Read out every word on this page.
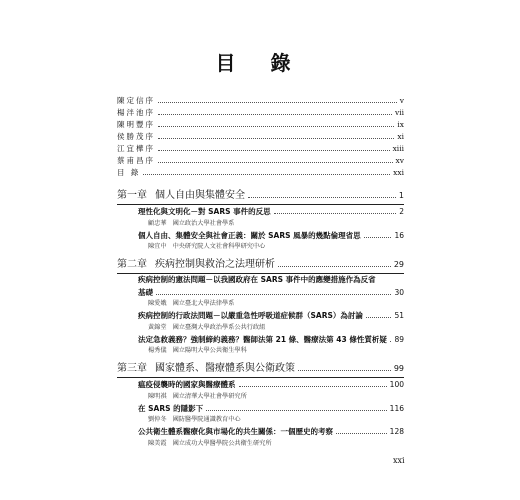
目 錄
陳定信序	v
楊泮池序	vii
陳明豐序	ix
侯勝茂序	xi
江宜樺序	xiii
蔡甫昌序	xv
目 錄	xxi
第一章 個人自由與集體安全	1
理性化與文明化－對 SARS 事件的反思	2
顧忠華 國立政治大學社會學系
個人自由、集體安全與社會正義：關於 SARS 風暴的幾點倫理省思	16
陳宜中 中央研究院人文社會科學研究中心
第二章 疾病控制與救治之法理研析	29
疾病控制的憲法問題－以我國政府在 SARS 事件中的應變措施作為反省
基礎	30
陳愛娥 國立臺北大學法律學系
疾病控制的行政法問題－以嚴重急性呼吸道症候群（SARS）為討論	51
黃錦堂 國立臺灣大學政治學系公共行政組
法定急救義務？強制締約義務？醫師法第 21 條、醫療法第 43 條性質析疑 89
楊秀儀 國立陽明大學公共衛生學科
第三章 國家體系、醫療體系與公衛政策	99
瘟疫侵襲時的國家與醫療體系	100
陳明祺 國立清華大學社會學研究所
在 SARS 的隱影下	116
劉仲冬 國防醫學院通識教育中心
公共衛生體系醫療化與市場化的共生關係：一個歷史的考察	128
陳美霞 國立成功大學醫學院公共衛生研究所
xxi
